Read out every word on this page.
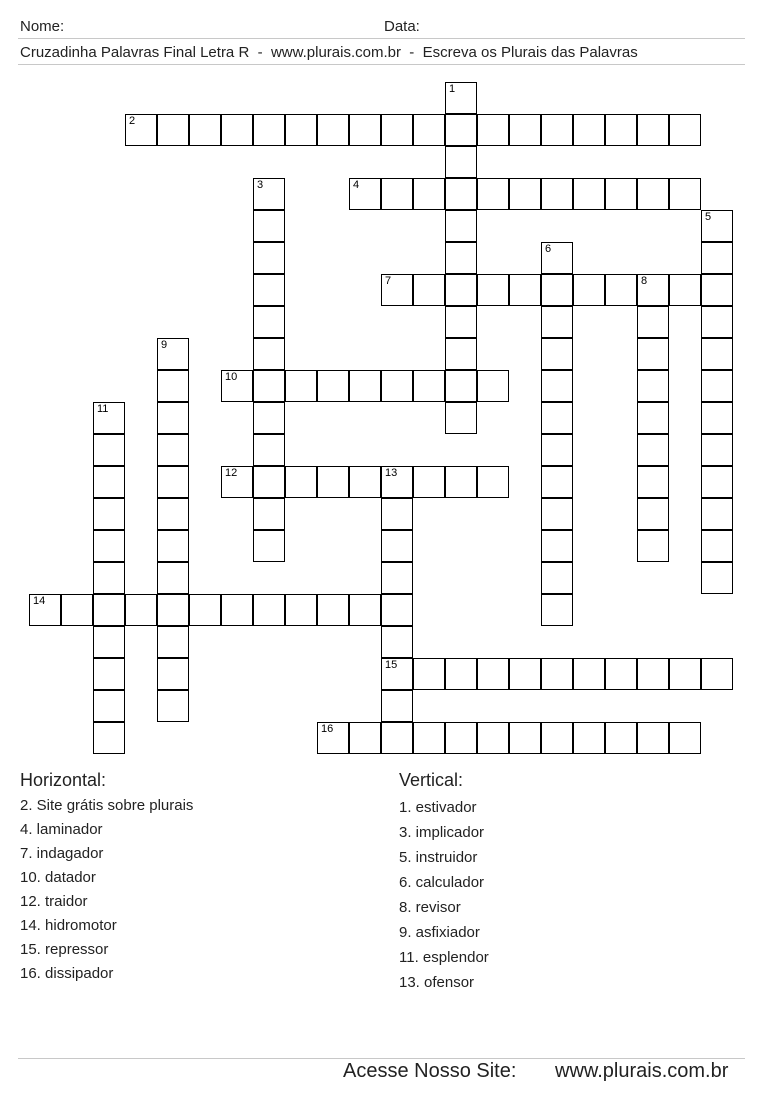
Nome:	Data:
Cruzadinha Palavras Final Letra R  -  www.plurais.com.br  -  Escreva os Plurais das Palavras
1
2
3	4
5
6
7	8
9
10
11
12	13
15
14
16
Horizontal:
2. Site grátis sobre plurais
4. laminador
7. indagador
10. datador
12. traidor
14. hidromotor
15. repressor
16. dissipador
Vertical:
1. estivador
3. implicador
5. instruidor
6. calculador
8. revisor
9. asfixiador
11. esplendor
13. ofensor
Acesse Nosso Site: www.plurais.com.br
